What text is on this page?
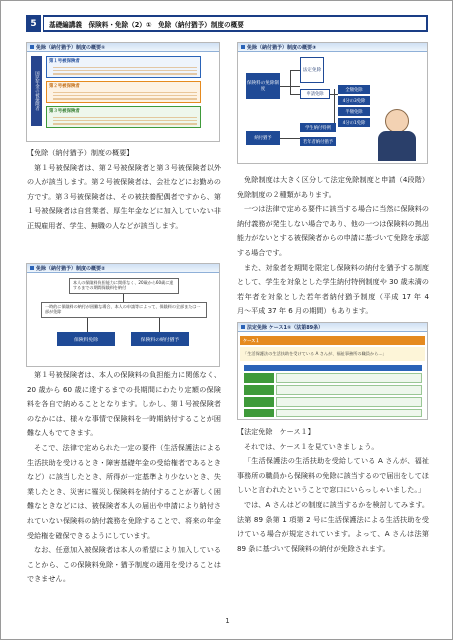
5	基礎編講義　保険料・免除（2）①　免除（納付猶予）制度の概要	紙上 Live 講義
免除（納付猶予）制度の概要①
国民年金の被保険者
第１号被保険者
第２号被保険者
第３号被保険者
免除（納付猶予）制度の概要③
保険料の免除制度
法定免除
申請免除
納付猶予
学生納付特例
若年者納付猶予
全額免除
4分の3免除
半額免除
4分の1免除

【免除（納付猶予）制度の概要】

第１号被保険者は、第２号被保険者と第３号被保険者以外の人が該当します。第２号被保険者は、会社などにお勤めの方です。第３号被保険者は、その被扶養配偶者ですから、第１号被保険者は自営業者、厚生年金などに加入していない非正規雇用者、学生、無職の人などが該当します。

免除（納付猶予）制度の概要②
本人の保険料負担能力に関係なく、20歳から60歳に達するまでの期間保険料を納付
一時的に保険料の納付が困難な場合、本人の申請等によって、保険料の全部または一部が免除
保険料免除	保険料の納付猶予

第１号被保険者は、本人の保険料の負担能力に関係なく、20 歳から 60 歳に達するまでの長期間にわたり定額の保険料を各自で納めることとなります。しかし、第１号被保険者のなかには、様々な事情で保険料を一時期納付することが困難な人もでてきます。

そこで、法律で定められた一定の要件（生活保護法による生活扶助を受けるとき・障害基礎年金の受給権者であるときなど）に該当したとき、所得が一定基準より少ないとき、失業したとき、災害に罹災し保険料を納付することが著しく困難なときなどには、被保険者本人の届出や申請により納付されていない保険料の納付義務を免除することで、将来の年金受給権を確保できるようにしています。

なお、任意加入被保険者は本人の希望により加入していることから、この保険料免除・猶予制度の適用を受けることはできません。

免除制度は大きく区分して法定免除制度と申請（4段階）免除制度の２種類があります。

一つは法律で定める要件に該当する場合に当然に保険料の納付義務が発生しない場合であり、他の一つは保険料の拠出能力がないとする被保険者からの申請に基づいて免除を承認する場合です。

また、対象者を期間を限定し保険料の納付を猶予する制度として、学生を対象とした学生納付特例制度や 30 歳未満の若年者を対象とした若年者納付猶予制度（平成 17 年 4 月〜平成 37 年 6 月の期間）もあります。

法定免除 ケース1①（法第89条）
ケース１
「生活保護法の生活扶助を受けている A さんが、福祉事務所の職員から…」

【法定免除　ケース１】

それでは、ケース１を見ていきましょう。

「生活保護法の生活扶助を受給している A さんが、福祉事務所の職員から保険料の免除に該当するので届出をしてほしいと言われたということで窓口にいらっしゃいました。」

では、A さんはどの制度に該当するかを検討してみます。法第 89 条第 1 項第 2 号に生活保護法による生活扶助を受けている場合が規定されています。よって、A さんは法第 89 条に基づいて保険料の納付が免除されます。

1
